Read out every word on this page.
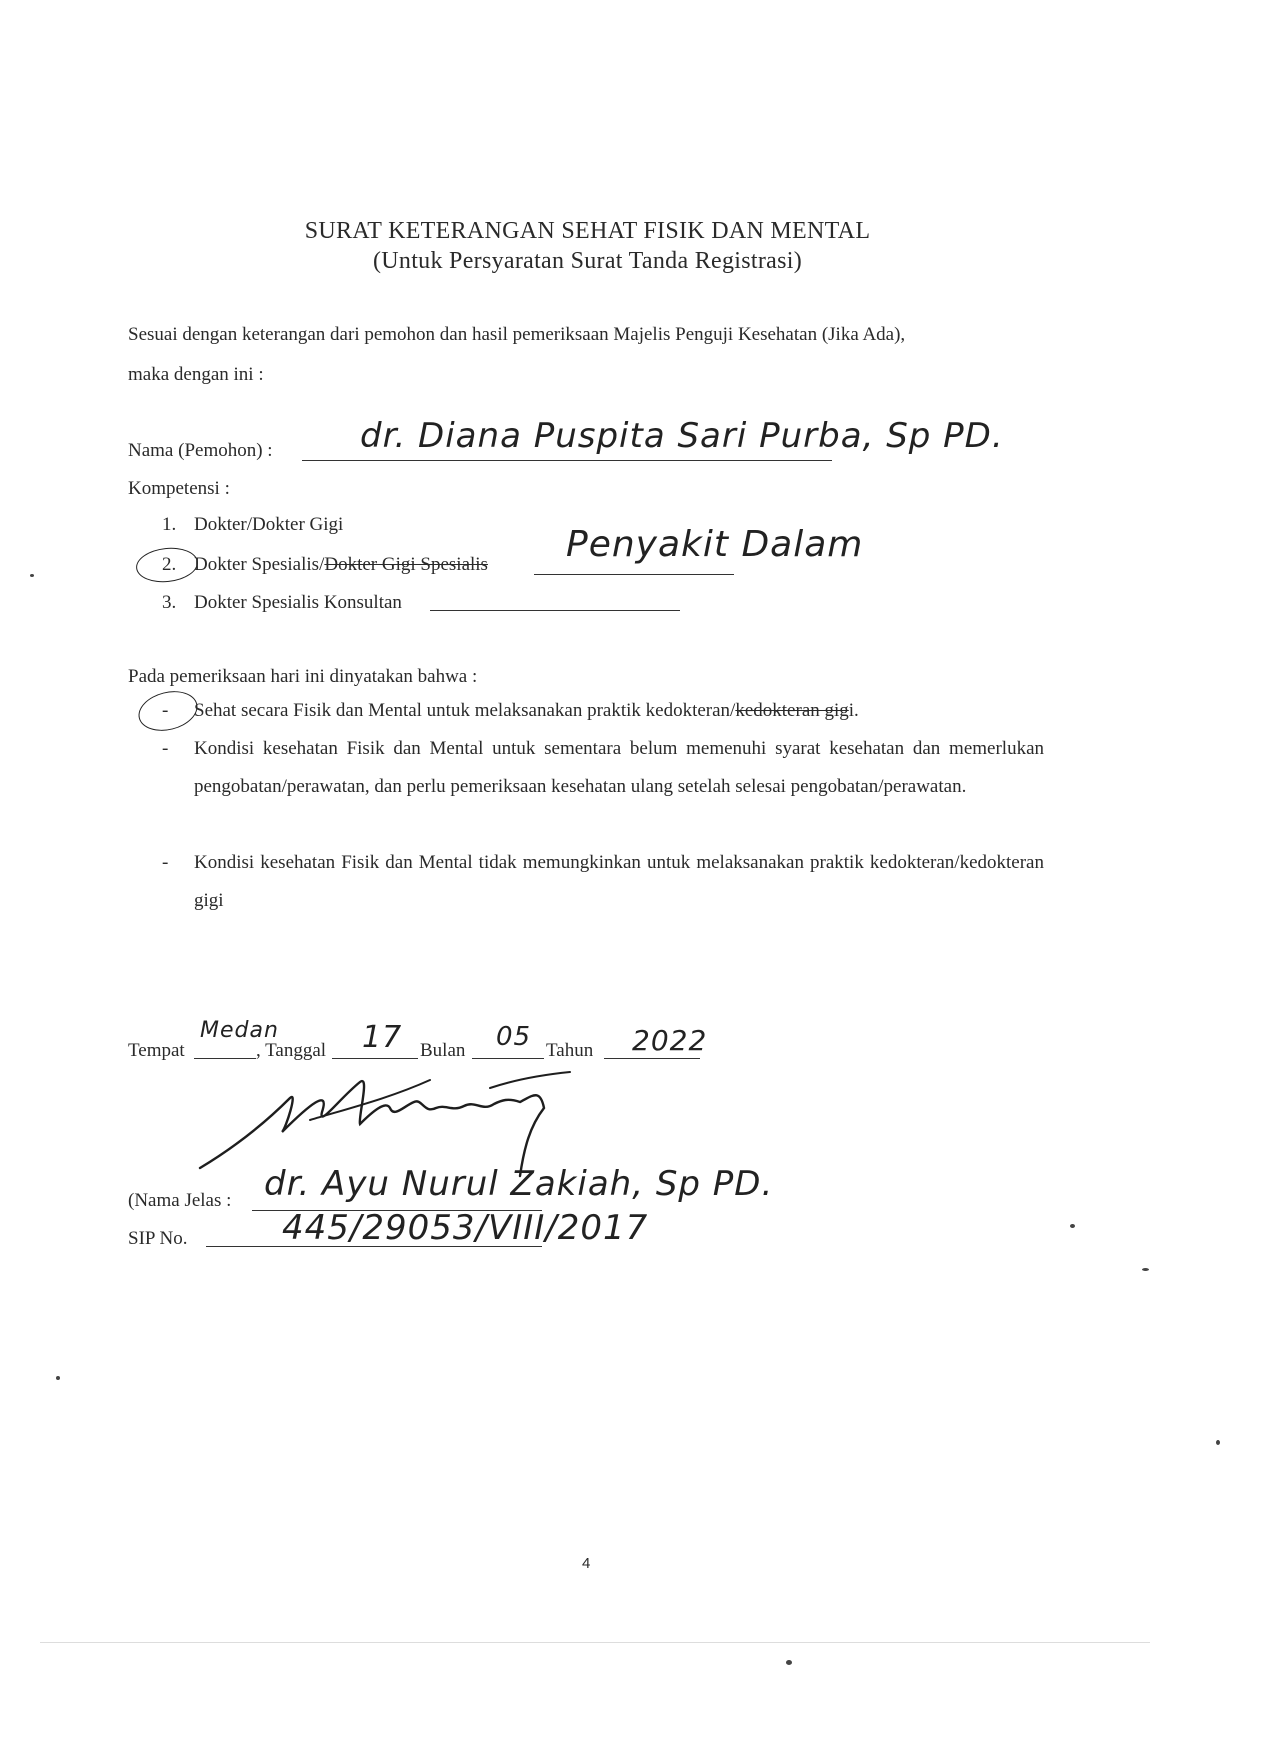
SURAT KETERANGAN SEHAT FISIK DAN MENTAL
(Untuk Persyaratan Surat Tanda Registrasi)
Sesuai dengan keterangan dari pemohon dan hasil pemeriksaan Majelis Penguji Kesehatan (Jika Ada),
maka dengan ini :
Nama (Pemohon) :	dr. Diana Puspita Sari Purba, Sp PD.
Kompetensi :
1. Dokter/Dokter Gigi
2. Dokter Spesialis/Dokter Gigi Spesialis Penyakit Dalam
3. Dokter Spesialis Konsultan
Pada pemeriksaan hari ini dinyatakan bahwa :
- Sehat secara Fisik dan Mental untuk melaksanakan praktik kedokteran/kedokteran gigi.
- Kondisi kesehatan Fisik dan Mental untuk sementara belum memenuhi syarat kesehatan dan memerlukan pengobatan/perawatan, dan perlu pemeriksaan kesehatan ulang setelah selesai pengobatan/perawatan.
- Kondisi kesehatan Fisik dan Mental tidak memungkinkan untuk melaksanakan praktik kedokteran/kedokteran gigi
Tempat
Medan
, Tanggal 17 Bulan 05 Tahun 2022
(Nama Jelas : dr. Ayu Nurul Zakiah, Sp PD.
SIP No.	445/29053/VIII/2017
4
